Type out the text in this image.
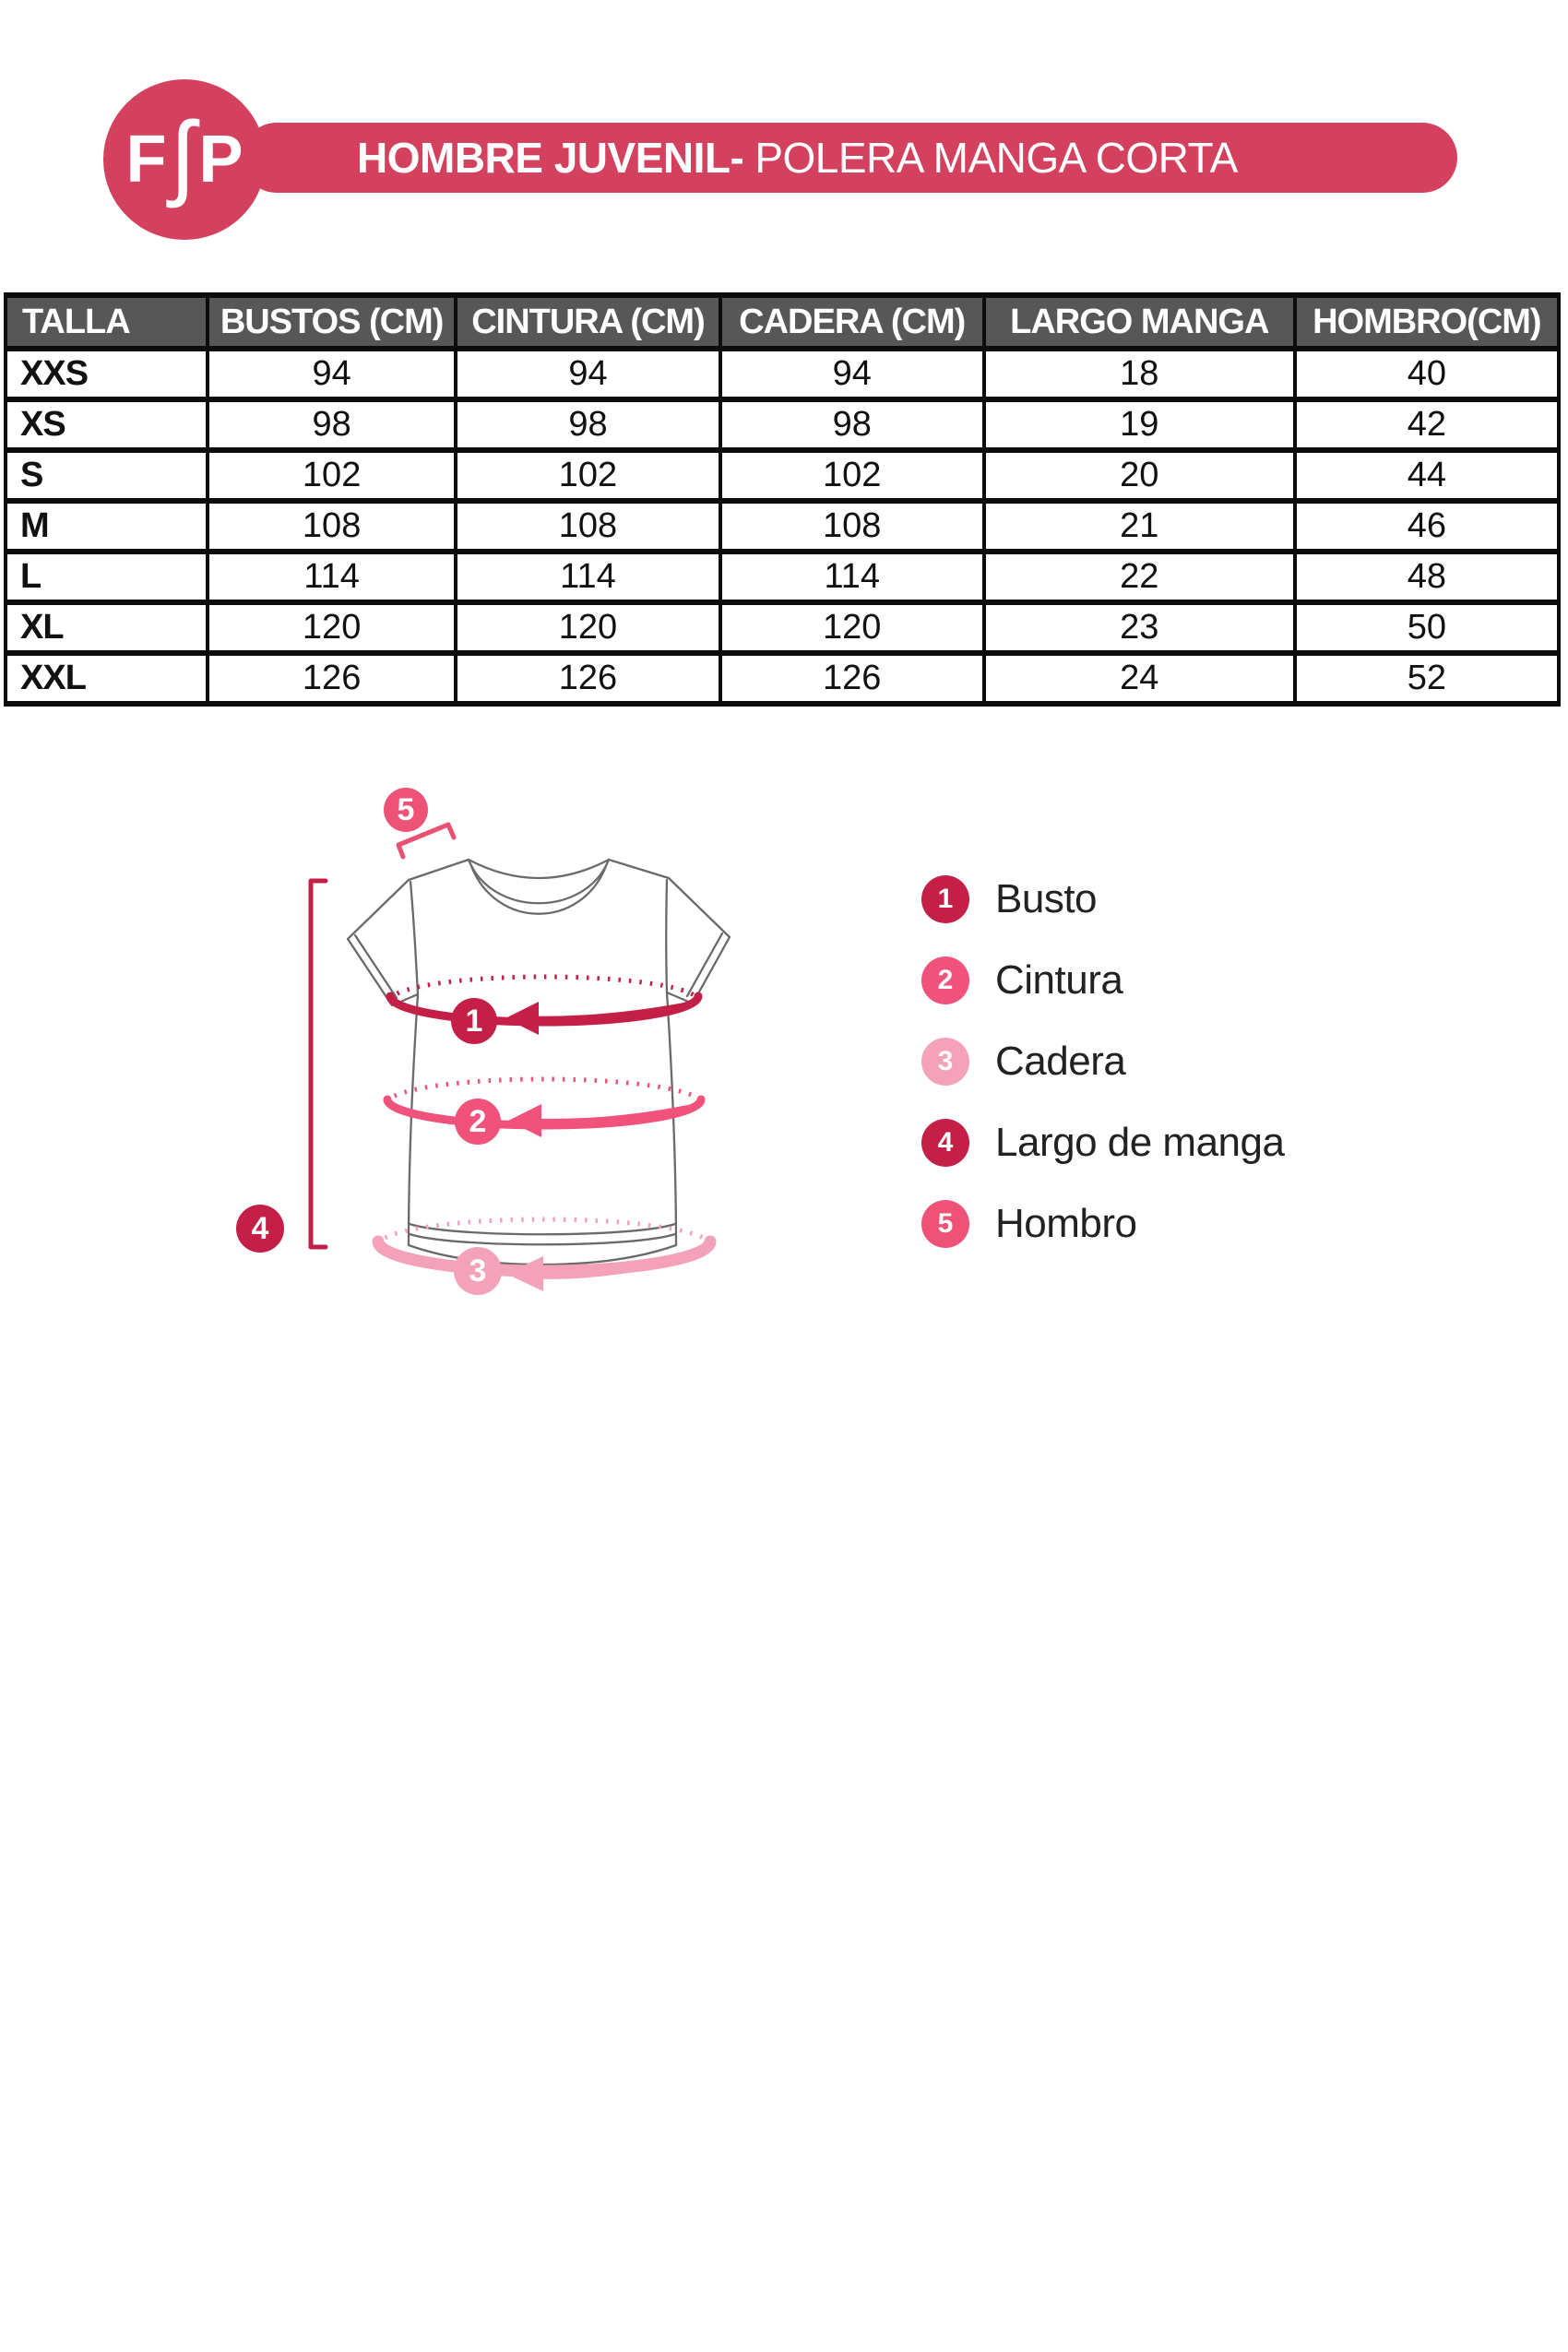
HOMBRE JUVENIL- POLERA MANGA CORTA
F ʃ P
TALLA	BUSTOS (CM)	CINTURA (CM)	CADERA (CM)	LARGO MANGA	HOMBRO(CM)
XXS	94	94	94	18	40
XS	98	98	98	19	42
S	102	102	102	20	44
M	108	108	108	21	46
L	114	114	114	22	48
XL	120	120	120	23	50
XXL	126	126	126	24	52
1
2
3
4
5
1 Busto
2 Cintura
3 Cadera
4 Largo de manga
5 Hombro
